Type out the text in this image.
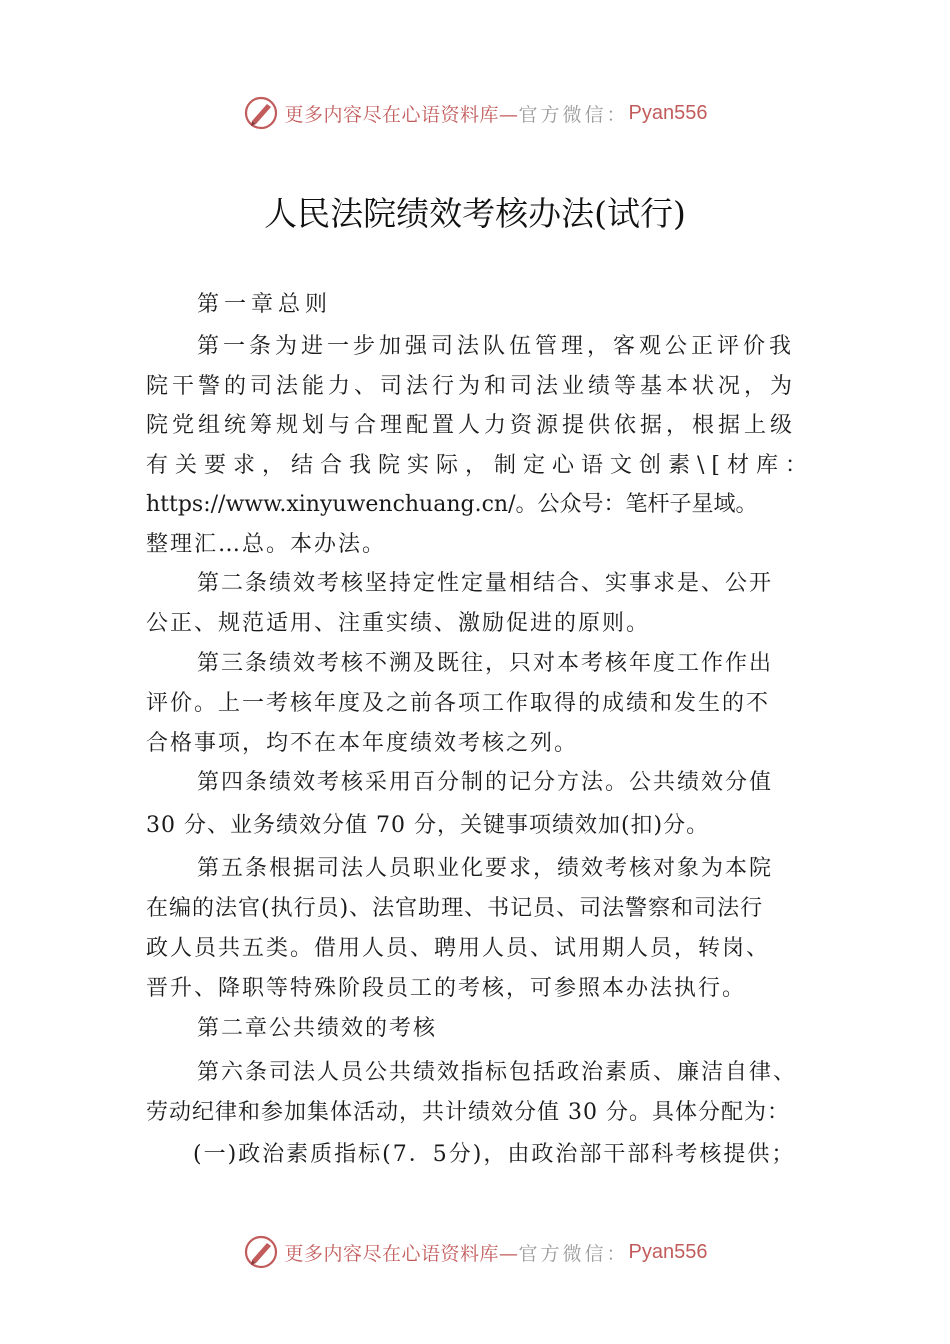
更多内容尽在心语资料库— 官方微信： Pyan556
人民法院绩效考核办法(试行)
第一章总则
第一条为进一步加强司法队伍管理，客观公正评价我
院干警的司法能力、司法行为和司法业绩等基本状况，为
院党组统筹规划与合理配置人力资源提供依据，根据上级
有关要求，结合我院实际，制定心语文创素\[材库：
https://www.xinyuwenchuang.cn/。公众号：笔杆子星域。
整理汇…总。本办法。
第二条绩效考核坚持定性定量相结合、实事求是、公开
公正、规范适用、注重实绩、激励促进的原则。
第三条绩效考核不溯及既往，只对本考核年度工作作出
评价。上一考核年度及之前各项工作取得的成绩和发生的不
合格事项，均不在本年度绩效考核之列。
第四条绩效考核采用百分制的记分方法。公共绩效分值
30 分、业务绩效分值 70 分，关键事项绩效加(扣)分。
第五条根据司法人员职业化要求，绩效考核对象为本院
在编的法官(执行员)、法官助理、书记员、司法警察和司法行
政人员共五类。借用人员、聘用人员、试用期人员，转岗、
晋升、降职等特殊阶段员工的考核，可参照本办法执行。
第二章公共绩效的考核
第六条司法人员公共绩效指标包括政治素质、廉洁自律、
劳动纪律和参加集体活动，共计绩效分值 30 分。具体分配为：
(一)政治素质指标(7．5分)，由政治部干部科考核提供；
更多内容尽在心语资料库— 官方微信： Pyan556
